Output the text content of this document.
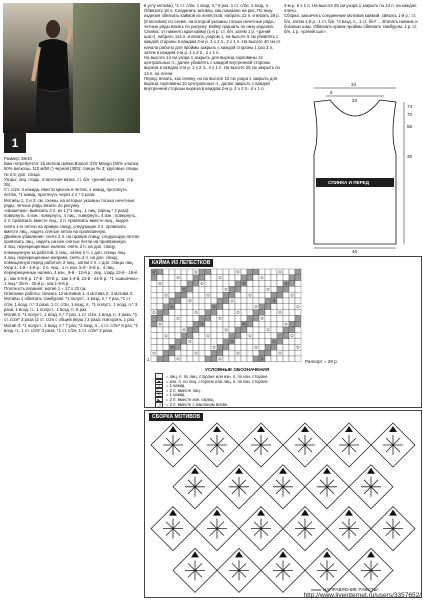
1

Размер: 38/40
Вам потребуется: 15 мотков пряжи Bouton d'Or Mango (50% хлопка, 50% вискозы, 110 м/50 г) черной (383); спицы № 3; круговые спицы № 2,5; доп. спица.
Узоры: лиц. гладь, платочная вязка, ст. б/н, «рачий шаг» (см. стр. 26).
Ст. с/2н: 3 накида, ввести крючок в петлю, 1 накид, протянуть петлю, *1 накид, протянуть через 2 п.* 3 раза.
Мотивы 1, 2 и 3: см. схемы, на которых указаны только нечетные ряды, четные ряды вязать по рисунку.
«Шишечка»: вывязать 4 п. из 1 (*1 лиц., 1 лиц. скрещ.* 2 раза); повернуть, 4 изн.; повернуть, 4 лиц.; повернуть, 4 изн.; повернуть, 2 п. провязать вместе лиц., 2 п. провязать вместе лиц., выдел. снять 1-ю петлю на правую спицу, следующие 2 п. провязать вместе лиц., надеть снятые петли на провязанную.
Двойное убавление: снять 2 п. на правую спицу, следующую петлю провязать лиц., надеть на нее снятые петли на провязанную.
4 лиц. перекрещенные налево: снять 2 п. на доп. спицу, помещенную за работой, 2 лиц., затем 2 п. с доп. спицы лиц.
4 лиц. перекрещенные направо: снять 2 п. на доп. спицу, помещенную перед работой, 2 лиц., затем 2 п. с доп. спицы лиц.
Узор 1: 1-й - 4-й р.: 2 п. лиц., 1 п. изн. 5-й - 8-й р.: 4 лиц. перекрещенные налево, 4 изн., 9-й - 12-й р.: лиц. гладь 13-й - 16-й р.: как 5-8-й р. 17-й - 20-й р.: как 1-4-й, 21-й - 24-й р.: *1 «шишечка», 1 лиц.* 25-й - 32-й р.: как 1-8-й р.
Плотность вязания: мотив 1 = 17 x 22 см.
Описание работы: связать 12 мотивов 1, 4 мотива 2, 4 мотива 3. Мотивы 1 обвязать тамбуром: *1 полуст., 1 возд. п.* 7 раз, *1 ст. с/2н, 1 возд. п.* 3 раза, 1 ст. с/2н, 1 возд. п., *1 полуст., 1 возд. п.* 3 раза, 1 возд. п., 1 полуст., 1 возд. п. 5 раз.
Мотив 2: *1 полуст., 1 возд. п.* 7 раз, 1 ст. с/2н, 1 возд. п. 3 раза, *1 ст. с/2н* 3 раза (2 ст. с/2н с общей верш.) 3 раза; повторить 1 раз.
Мотив 3: *1 полуст., 1 возд. п.* 7 раз; *1 возд. п., 1 ст. с/2н* 5 раз; *1 возд. п., 1 ст. с/2н* 3 раза; *1 ст. с/2н, 1 ст. с/2н* 3 раза.

в углу мотива), *1 ст. с/2н, 1 возд. п.* 5 раз, 1 ст. с/2н, 1 возд. п.
Обвязать 18 п. Соединить мотивы, как показано на рис. По низу изделия обвязать каймой из лепестков: набрать 12 п. и вязать 28 р. (8 мотивов) по схеме, на которой указаны только нечетные ряды, четные ряды вязать по рисунку. Кайму пришить по низу изделия.
Спинка: от нижнего края кайму (1-й р. ст. б/н, затем 1 р. «рачий шаг»), набрать 114 п. и вязать узором 1, на высоте 6 см убавлять с каждой стороны в каждом 2-м р. 1 х 1 п., 2 х 1 п. На высоте 40 см от начала работы для проймы закрыть с каждой стороны 1 раз 3 п., затем в каждом 2-м р. 1 х 2 п., 2 х 1 п.
На высоте 14 см узора 1 закрыть для выреза горловины 12 центральных п., далее убавлять с каждой внутренней стороны выреза в каждом 2-м р. 1 х 2 п., 4 х 1 п. На высоте 25 см закрыть по 14 п. на плечи.
Перед: вязать, как спинку, но на высоте 10 см узора 1 закрыть для выреза горловины 10 центральных п., далее закрыть с каждой внутренней стороны выреза в каждом 2-м р. 1 х 2 п., 4 х 1 п.

4-м р. 6 х 1 п. На высоте 25 см узора 1 закрыть по 14 п. на каждое плечо.
Сборка: закончить соединение мотивов каймой, связать 1-й р.: ст. б/н, затем 1-й р.: 1 ст. б/н, *3 возд. п., 1 ст. б/н* ... Втачать нижние и боковые швы. Обвязать краем проймы обвязать тамбуром: 1 р. ст. б/н, 1 р. «рачий шаг».

34
5
24
74
70
56
30
СПИНКА И ПЕРЕД
46
КАЙМА ИЗ ЛЕПЕСТКОВ
Раппорт = 28 р.
1
УСЛОВНЫЕ ОБОЗНАЧЕНИЯ
□	= лиц. п. по лиц. стороне или изн. п. по изн. стороне
■	= изн. п. по лиц. стороне или лиц. п. по изн. стороне
○	= 1 накид
◺	= 2 п. вместе лиц.
△	= 1 накид
◣	= 2 п. вместе изн. скрещ
◿	= 2 п. вместе с наклоном влево
СБОРКА МОТИВОВ
НАПРАВЛЕНИЕ РАБОТЫ
http://www.liveinternet.ru/users/3357652/
